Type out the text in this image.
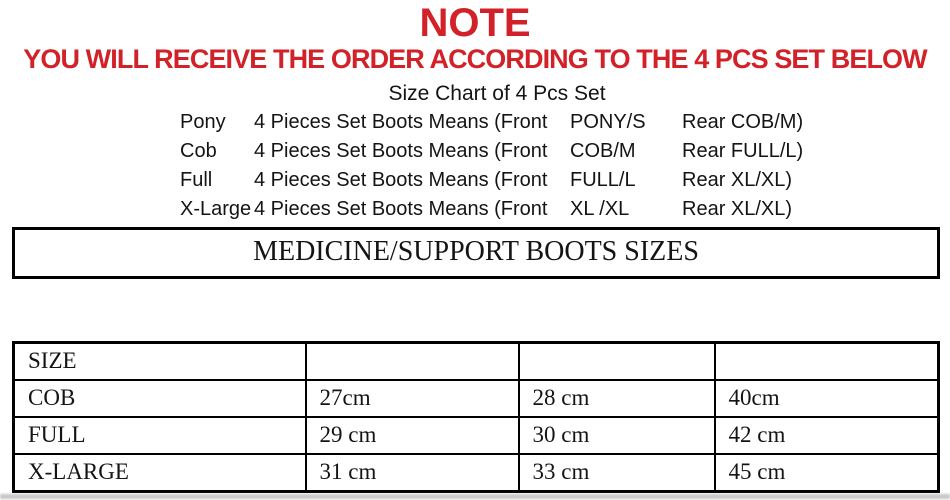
NOTE
YOU WILL RECEIVE THE ORDER ACCORDING TO THE 4 PCS SET BELOW
Size Chart of 4 Pcs Set
Pony	4 Pieces Set Boots Means (Front	PONY/S	Rear COB/M)
Cob	4 Pieces Set Boots Means (Front	COB/M	Rear FULL/L)
Full	4 Pieces Set Boots Means (Front	FULL/L	Rear XL/XL)
X-Large 4 Pieces Set Boots Means (Front	XL /XL	Rear XL/XL)
MEDICINE/SUPPORT BOOTS SIZES
SIZE			
COB	27cm	28 cm	40cm
FULL	29 cm	30 cm	42 cm
X-LARGE	31 cm	33 cm	45 cm
